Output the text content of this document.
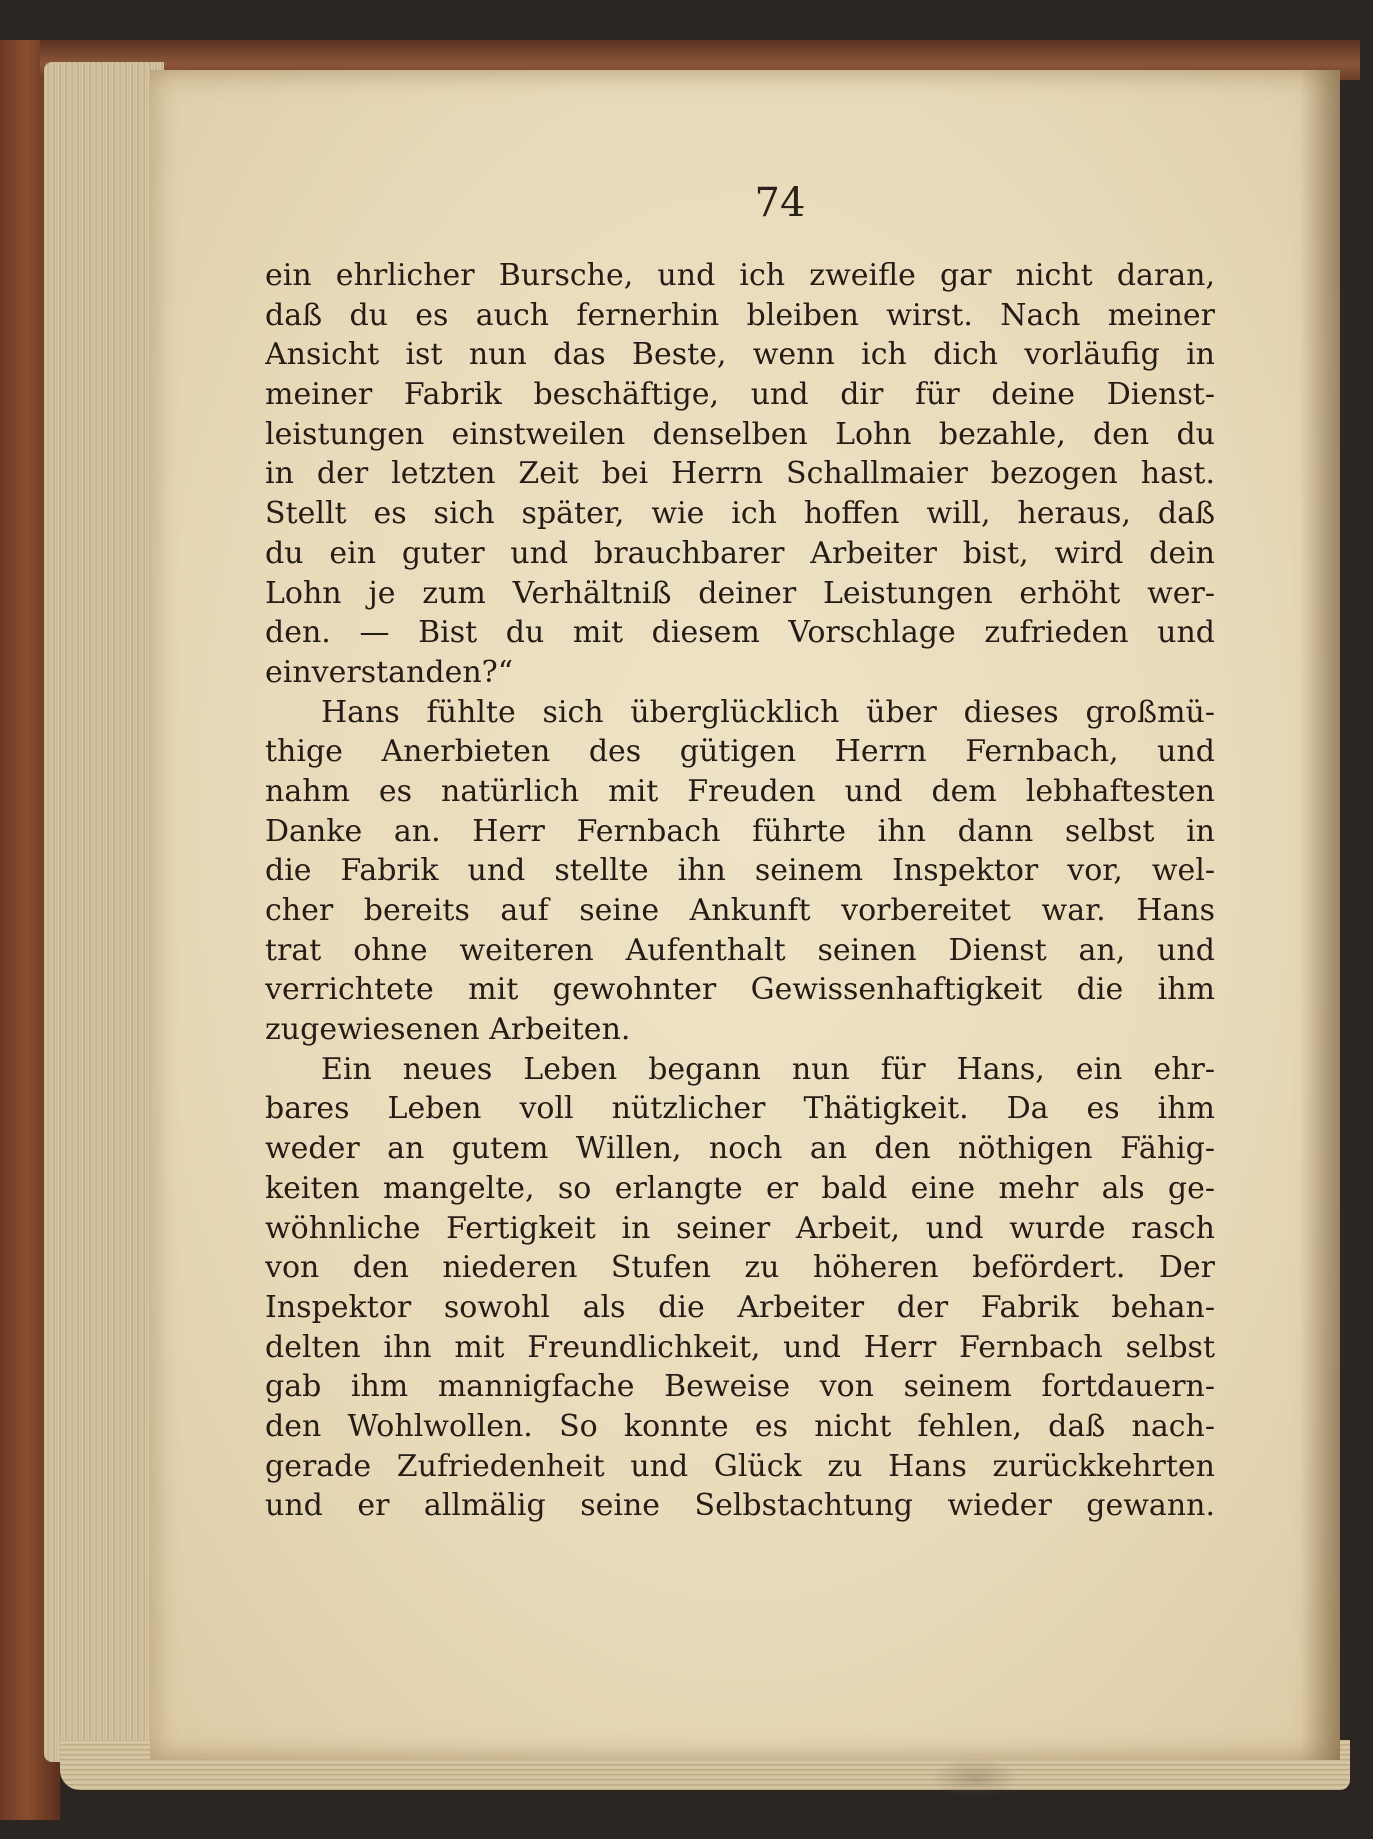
74

ein ehrlicher Bursche, und ich zweifle gar nicht daran,
daß du es auch fernerhin bleiben wirst. Nach meiner
Ansicht ist nun das Beste, wenn ich dich vorläufig in
meiner Fabrik beschäftige, und dir für deine Dienst-
leistungen einstweilen denselben Lohn bezahle, den du
in der letzten Zeit bei Herrn Schallmaier bezogen hast.
Stellt es sich später, wie ich hoffen will, heraus, daß
du ein guter und brauchbarer Arbeiter bist, wird dein
Lohn je zum Verhältniß deiner Leistungen erhöht wer-
den. — Bist du mit diesem Vorschlage zufrieden und
einverstanden?“
Hans fühlte sich überglücklich über dieses großmü-
thige Anerbieten des gütigen Herrn Fernbach, und
nahm es natürlich mit Freuden und dem lebhaftesten
Danke an. Herr Fernbach führte ihn dann selbst in
die Fabrik und stellte ihn seinem Inspektor vor, wel-
cher bereits auf seine Ankunft vorbereitet war. Hans
trat ohne weiteren Aufenthalt seinen Dienst an, und
verrichtete mit gewohnter Gewissenhaftigkeit die ihm
zugewiesenen Arbeiten.
Ein neues Leben begann nun für Hans, ein ehr-
bares Leben voll nützlicher Thätigkeit. Da es ihm
weder an gutem Willen, noch an den nöthigen Fähig-
keiten mangelte, so erlangte er bald eine mehr als ge-
wöhnliche Fertigkeit in seiner Arbeit, und wurde rasch
von den niederen Stufen zu höheren befördert. Der
Inspektor sowohl als die Arbeiter der Fabrik behan-
delten ihn mit Freundlichkeit, und Herr Fernbach selbst
gab ihm mannigfache Beweise von seinem fortdauern-
den Wohlwollen. So konnte es nicht fehlen, daß nach-
gerade Zufriedenheit und Glück zu Hans zurückkehrten
und er allmälig seine Selbstachtung wieder gewann.
